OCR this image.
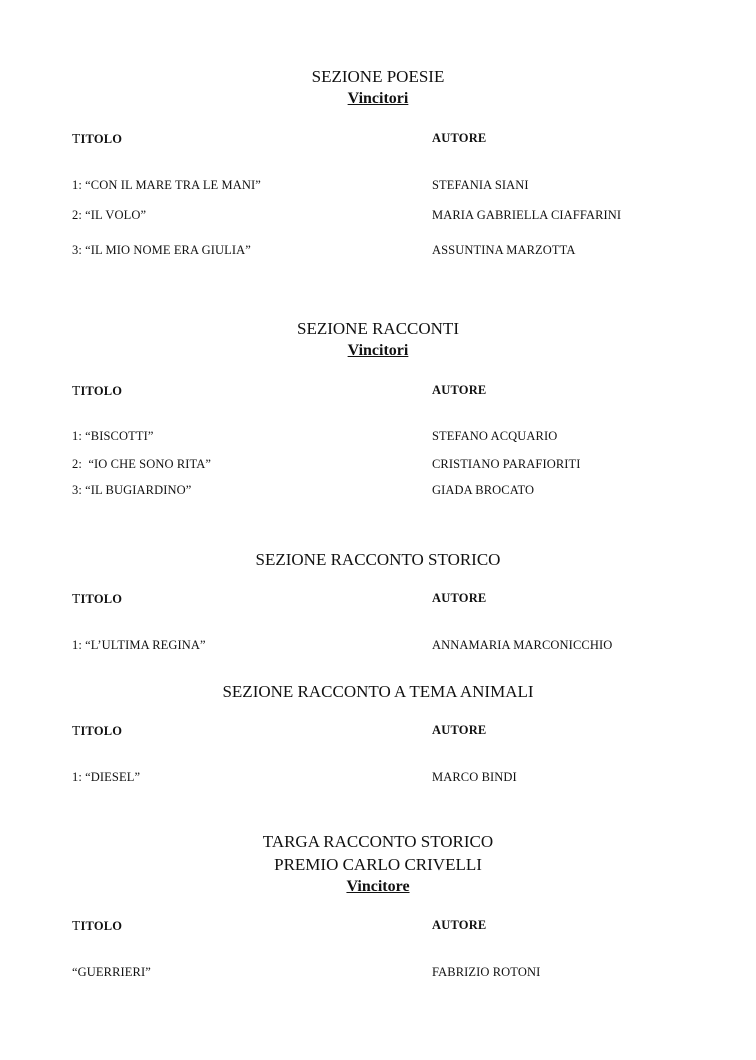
SEZIONE POESIE
Vincitori
TITOLO	AUTORE
1: “CON IL MARE TRA LE MANI”	STEFANIA SIANI
2: “IL VOLO”	MARIA GABRIELLA CIAFFARINI
3: “IL MIO NOME ERA GIULIA”	ASSUNTINA MARZOTTA
SEZIONE RACCONTI
Vincitori
TITOLO	AUTORE
1: “BISCOTTI”	STEFANO ACQUARIO
2:  “IO CHE SONO RITA”	CRISTIANO PARAFIORITI
3: “IL BUGIARDINO”	GIADA BROCATO
SEZIONE RACCONTO STORICO
TITOLO	AUTORE
1: “L’ULTIMA REGINA”	ANNAMARIA MARCONICCHIO
SEZIONE RACCONTO A TEMA ANIMALI
TITOLO	AUTORE
1: “DIESEL”	MARCO BINDI
TARGA RACCONTO STORICO
PREMIO CARLO CRIVELLI
Vincitore
TITOLO	AUTORE
“GUERRIERI”	FABRIZIO ROTONI
